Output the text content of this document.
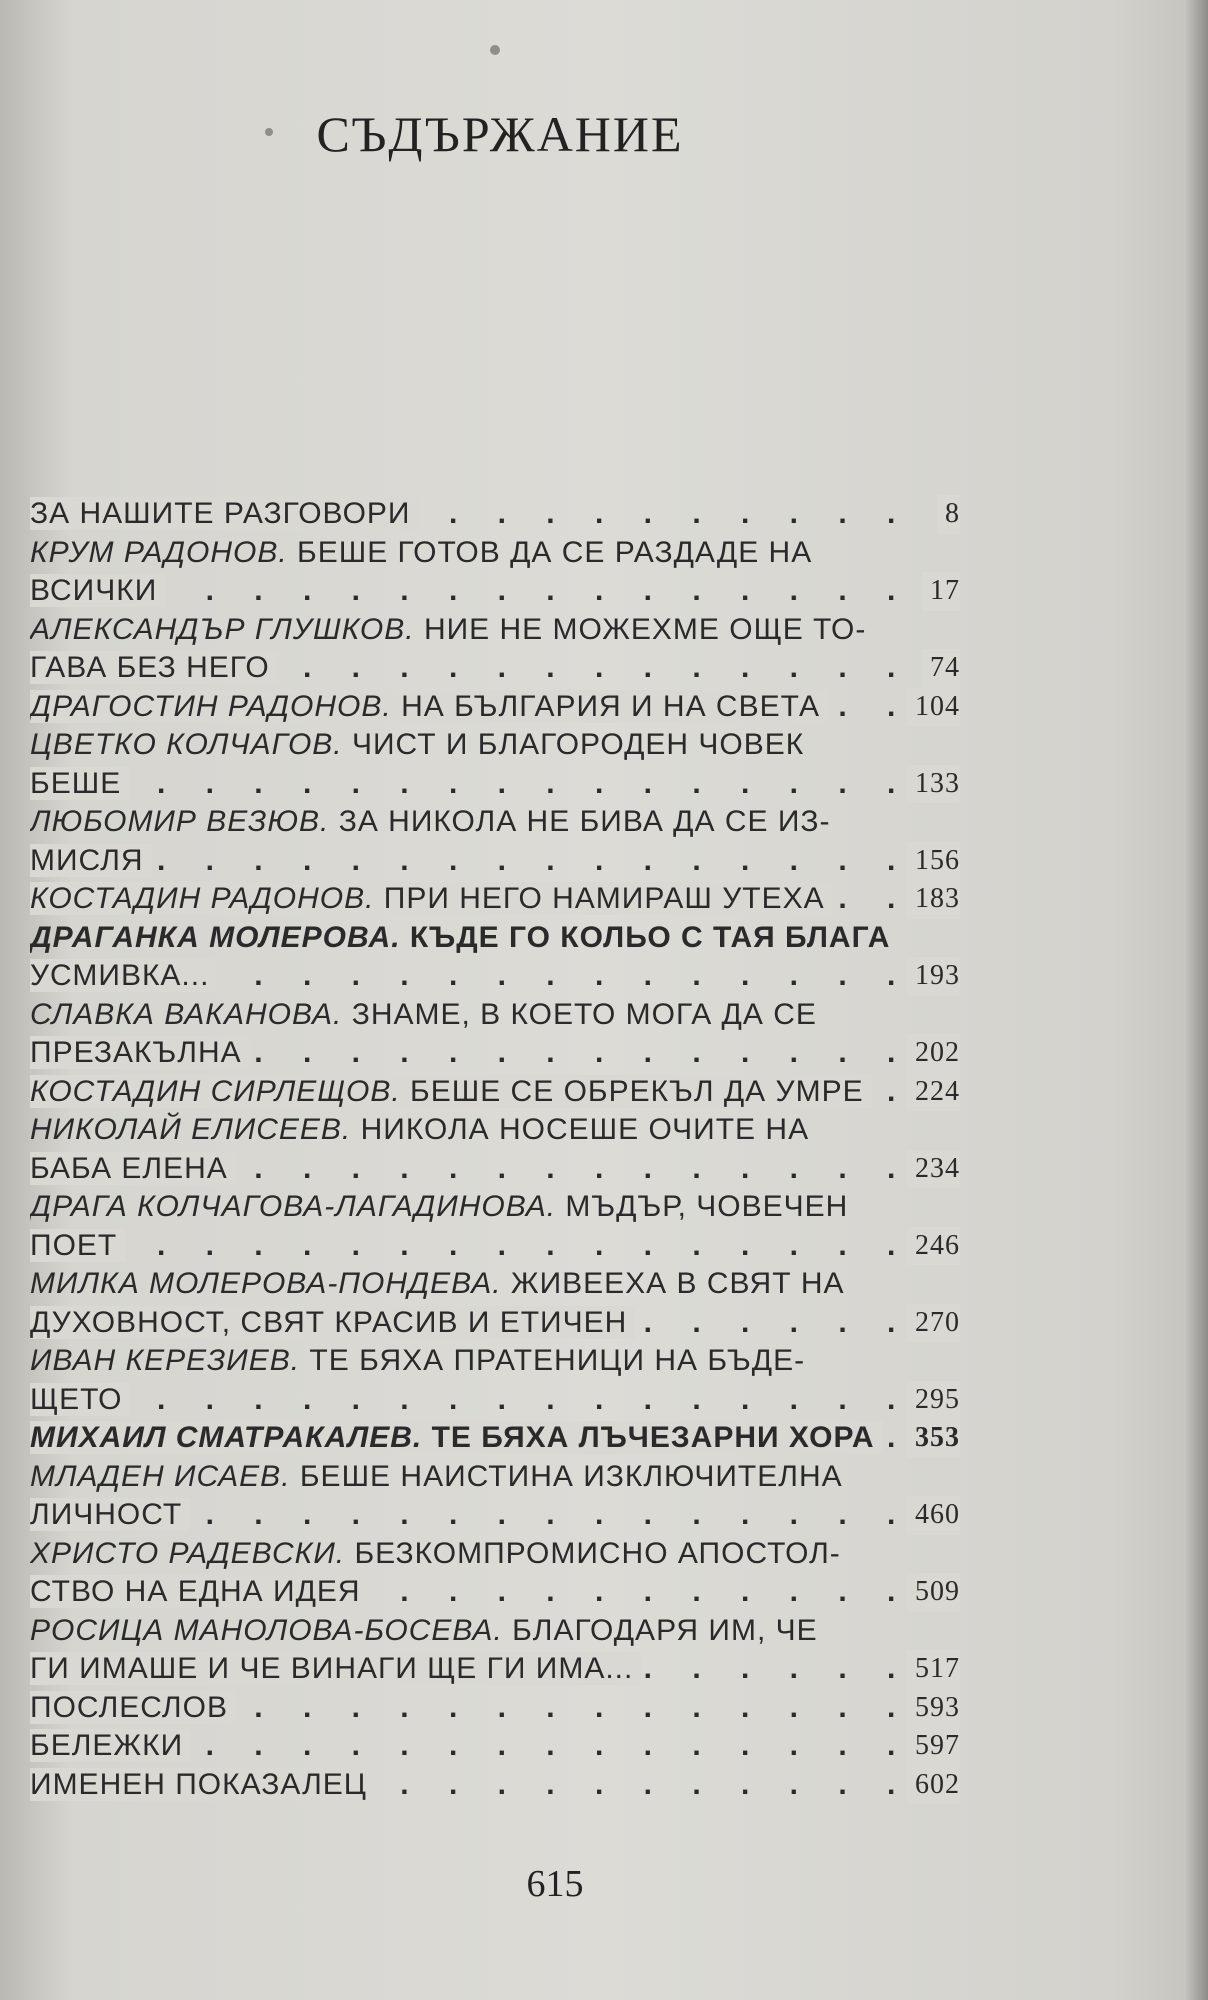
СЪДЪРЖАНИЕ
ЗА НАШИТЕ РАЗГОВОРИ	8
. . .
КРУМ РАДОНОВ. БЕШЕ ГОТОВ ДА СЕ РАЗДАДЕ НА
ВСИЧКИ	17
. . .
АЛЕКСАНДЪР ГЛУШКОВ. НИЕ НЕ МОЖЕХМЕ ОЩЕ ТО-
ГАВА БЕЗ НЕГО	74
. . .
ДРАГОСТИН РАДОНОВ. НА БЪЛГАРИЯ И НА СВЕТА	104
. . .
ЦВЕТКО КОЛЧАГОВ. ЧИСТ И БЛАГОРОДЕН ЧОВЕК
БЕШЕ	133
. . .
ЛЮБОМИР ВЕЗЮВ. ЗА НИКОЛА НЕ БИВА ДА СЕ ИЗ-
МИСЛЯ	156
. . .
КОСТАДИН РАДОНОВ. ПРИ НЕГО НАМИРАШ УТЕХА	183
. . .
ДРАГАНКА МОЛЕРОВА. КЪДЕ ГО КОЛЬО С ТАЯ БЛАГА
УСМИВКА...	193
. . .
СЛАВКА ВАКАНОВА. ЗНАМЕ, В КОЕТО МОГА ДА СЕ
ПРЕЗАКЪЛНА	202
. . .
КОСТАДИН СИРЛЕЩОВ. БЕШЕ СЕ ОБРЕКЪЛ ДА УМРЕ 224
. . .
НИКОЛАЙ ЕЛИСЕЕВ. НИКОЛА НОСЕШЕ ОЧИТЕ НА
БАБА ЕЛЕНА	234
. . .
ДРАГА КОЛЧАГОВА-ЛАГАДИНОВА. МЪДЪР, ЧОВЕЧЕН
ПОЕТ	246
. . .
МИЛКА МОЛЕРОВА-ПОНДЕВА. ЖИВЕЕХА В СВЯТ НА
ДУХОВНОСТ, СВЯТ КРАСИВ И ЕТИЧЕН	270
. . .
ИВАН КЕРЕЗИЕВ. ТЕ БЯХА ПРАТЕНИЦИ НА БЪДЕ-
ЩЕТО	295
. . .
МИХАИЛ СМАТРАКАЛЕВ. ТЕ БЯХА ЛЪЧЕЗАРНИ ХОРА 353
. . .
МЛАДЕН ИСАЕВ. БЕШЕ НАИСТИНА ИЗКЛЮЧИТЕЛНА
ЛИЧНОСТ	460
. . .
ХРИСТО РАДЕВСКИ. БЕЗКОМПРОМИСНО АПОСТОЛ-
СТВО НА ЕДНА ИДЕЯ	509
. . .
РОСИЦА МАНОЛОВА-БОСЕВА. БЛАГОДАРЯ ИМ, ЧЕ
ГИ ИМАШЕ И ЧЕ ВИНАГИ ЩЕ ГИ ИМА...	517
. . .
ПОСЛЕСЛОВ	593
. . .
БЕЛЕЖКИ	597
. . .
ИМЕНЕН ПОКАЗАЛЕЦ	602
. . .
615
